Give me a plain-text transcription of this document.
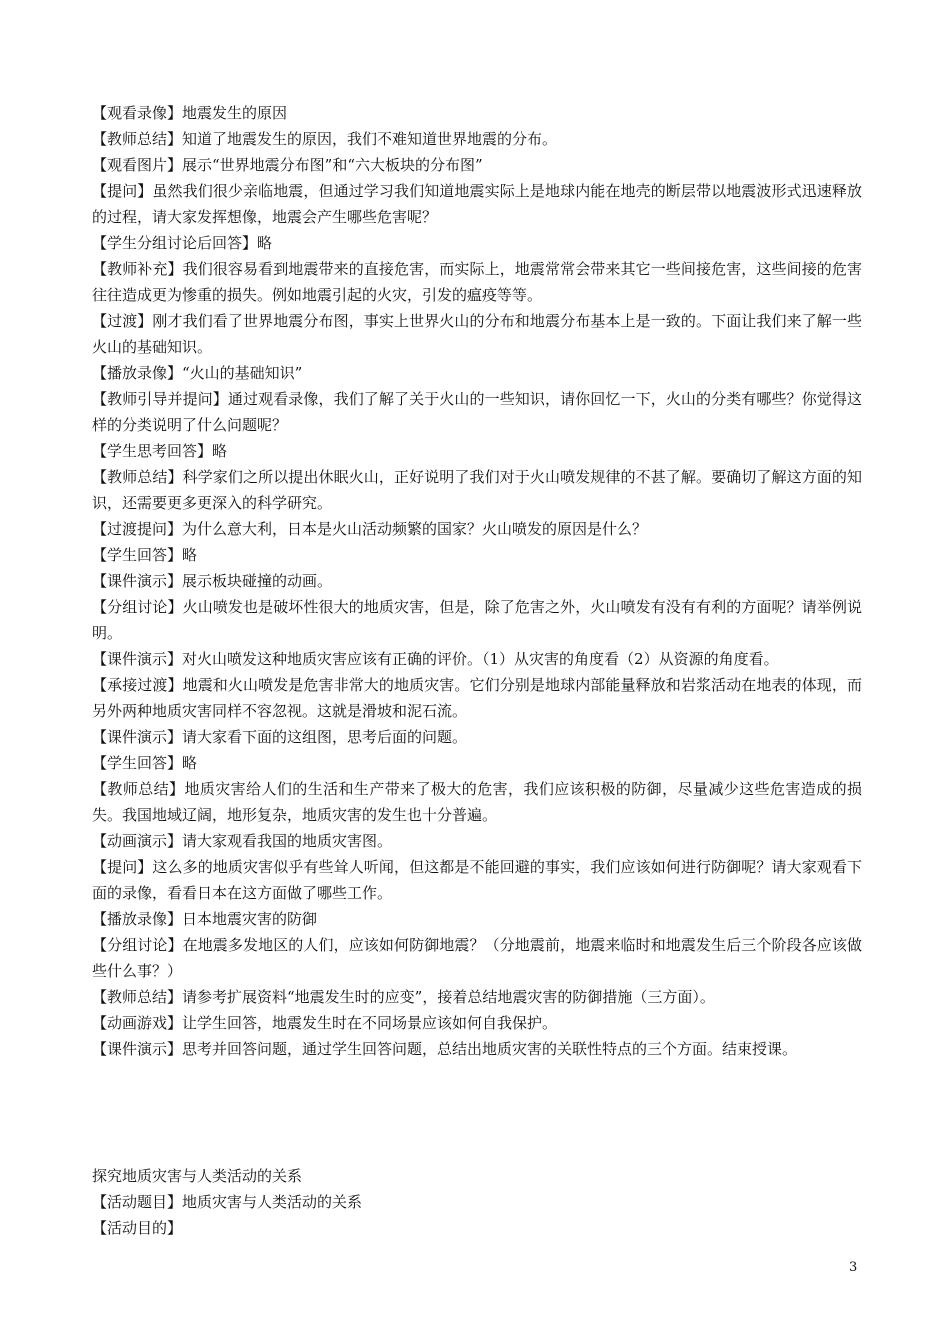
【观看录像】地震发生的原因

【教师总结】知道了地震发生的原因，我们不难知道世界地震的分布。

【观看图片】展示“世界地震分布图”和“六大板块的分布图”

【提问】虽然我们很少亲临地震，但通过学习我们知道地震实际上是地球内能在地壳的断层带以地震波形式迅速释放的过程，请大家发挥想像，地震会产生哪些危害呢？

【学生分组讨论后回答】略

【教师补充】我们很容易看到地震带来的直接危害，而实际上，地震常常会带来其它一些间接危害，这些间接的危害往往造成更为惨重的损失。例如地震引起的火灾，引发的瘟疫等等。

【过渡】刚才我们看了世界地震分布图，事实上世界火山的分布和地震分布基本上是一致的。下面让我们来了解一些火山的基础知识。

【播放录像】“火山的基础知识”

【教师引导并提问】通过观看录像，我们了解了关于火山的一些知识，请你回忆一下，火山的分类有哪些？你觉得这样的分类说明了什么问题呢？

【学生思考回答】略

【教师总结】科学家们之所以提出休眠火山，正好说明了我们对于火山喷发规律的不甚了解。要确切了解这方面的知识，还需要更多更深入的科学研究。

【过渡提问】为什么意大利，日本是火山活动频繁的国家？火山喷发的原因是什么？

【学生回答】略

【课件演示】展示板块碰撞的动画。

【分组讨论】火山喷发也是破坏性很大的地质灾害，但是，除了危害之外，火山喷发有没有有利的方面呢？请举例说明。

【课件演示】对火山喷发这种地质灾害应该有正确的评价。（1）从灾害的角度看（2）从资源的角度看。

【承接过渡】地震和火山喷发是危害非常大的地质灾害。它们分别是地球内部能量释放和岩浆活动在地表的体现，而另外两种地质灾害同样不容忽视。这就是滑坡和泥石流。

【课件演示】请大家看下面的这组图，思考后面的问题。

【学生回答】略

【教师总结】地质灾害给人们的生活和生产带来了极大的危害，我们应该积极的防御，尽量减少这些危害造成的损失。我国地域辽阔，地形复杂，地质灾害的发生也十分普遍。

【动画演示】请大家观看我国的地质灾害图。

【提问】这么多的地质灾害似乎有些耸人听闻，但这都是不能回避的事实，我们应该如何进行防御呢？请大家观看下面的录像，看看日本在这方面做了哪些工作。

【播放录像】日本地震灾害的防御

【分组讨论】在地震多发地区的人们，应该如何防御地震？（分地震前，地震来临时和地震发生后三个阶段各应该做些什么事？）

【教师总结】请参考扩展资料“地震发生时的应变”，接着总结地震灾害的防御措施（三方面）。

【动画游戏】让学生回答，地震发生时在不同场景应该如何自我保护。

【课件演示】思考并回答问题，通过学生回答问题，总结出地质灾害的关联性特点的三个方面。结束授课。

探究地质灾害与人类活动的关系

【活动题目】地质灾害与人类活动的关系

【活动目的】

3
